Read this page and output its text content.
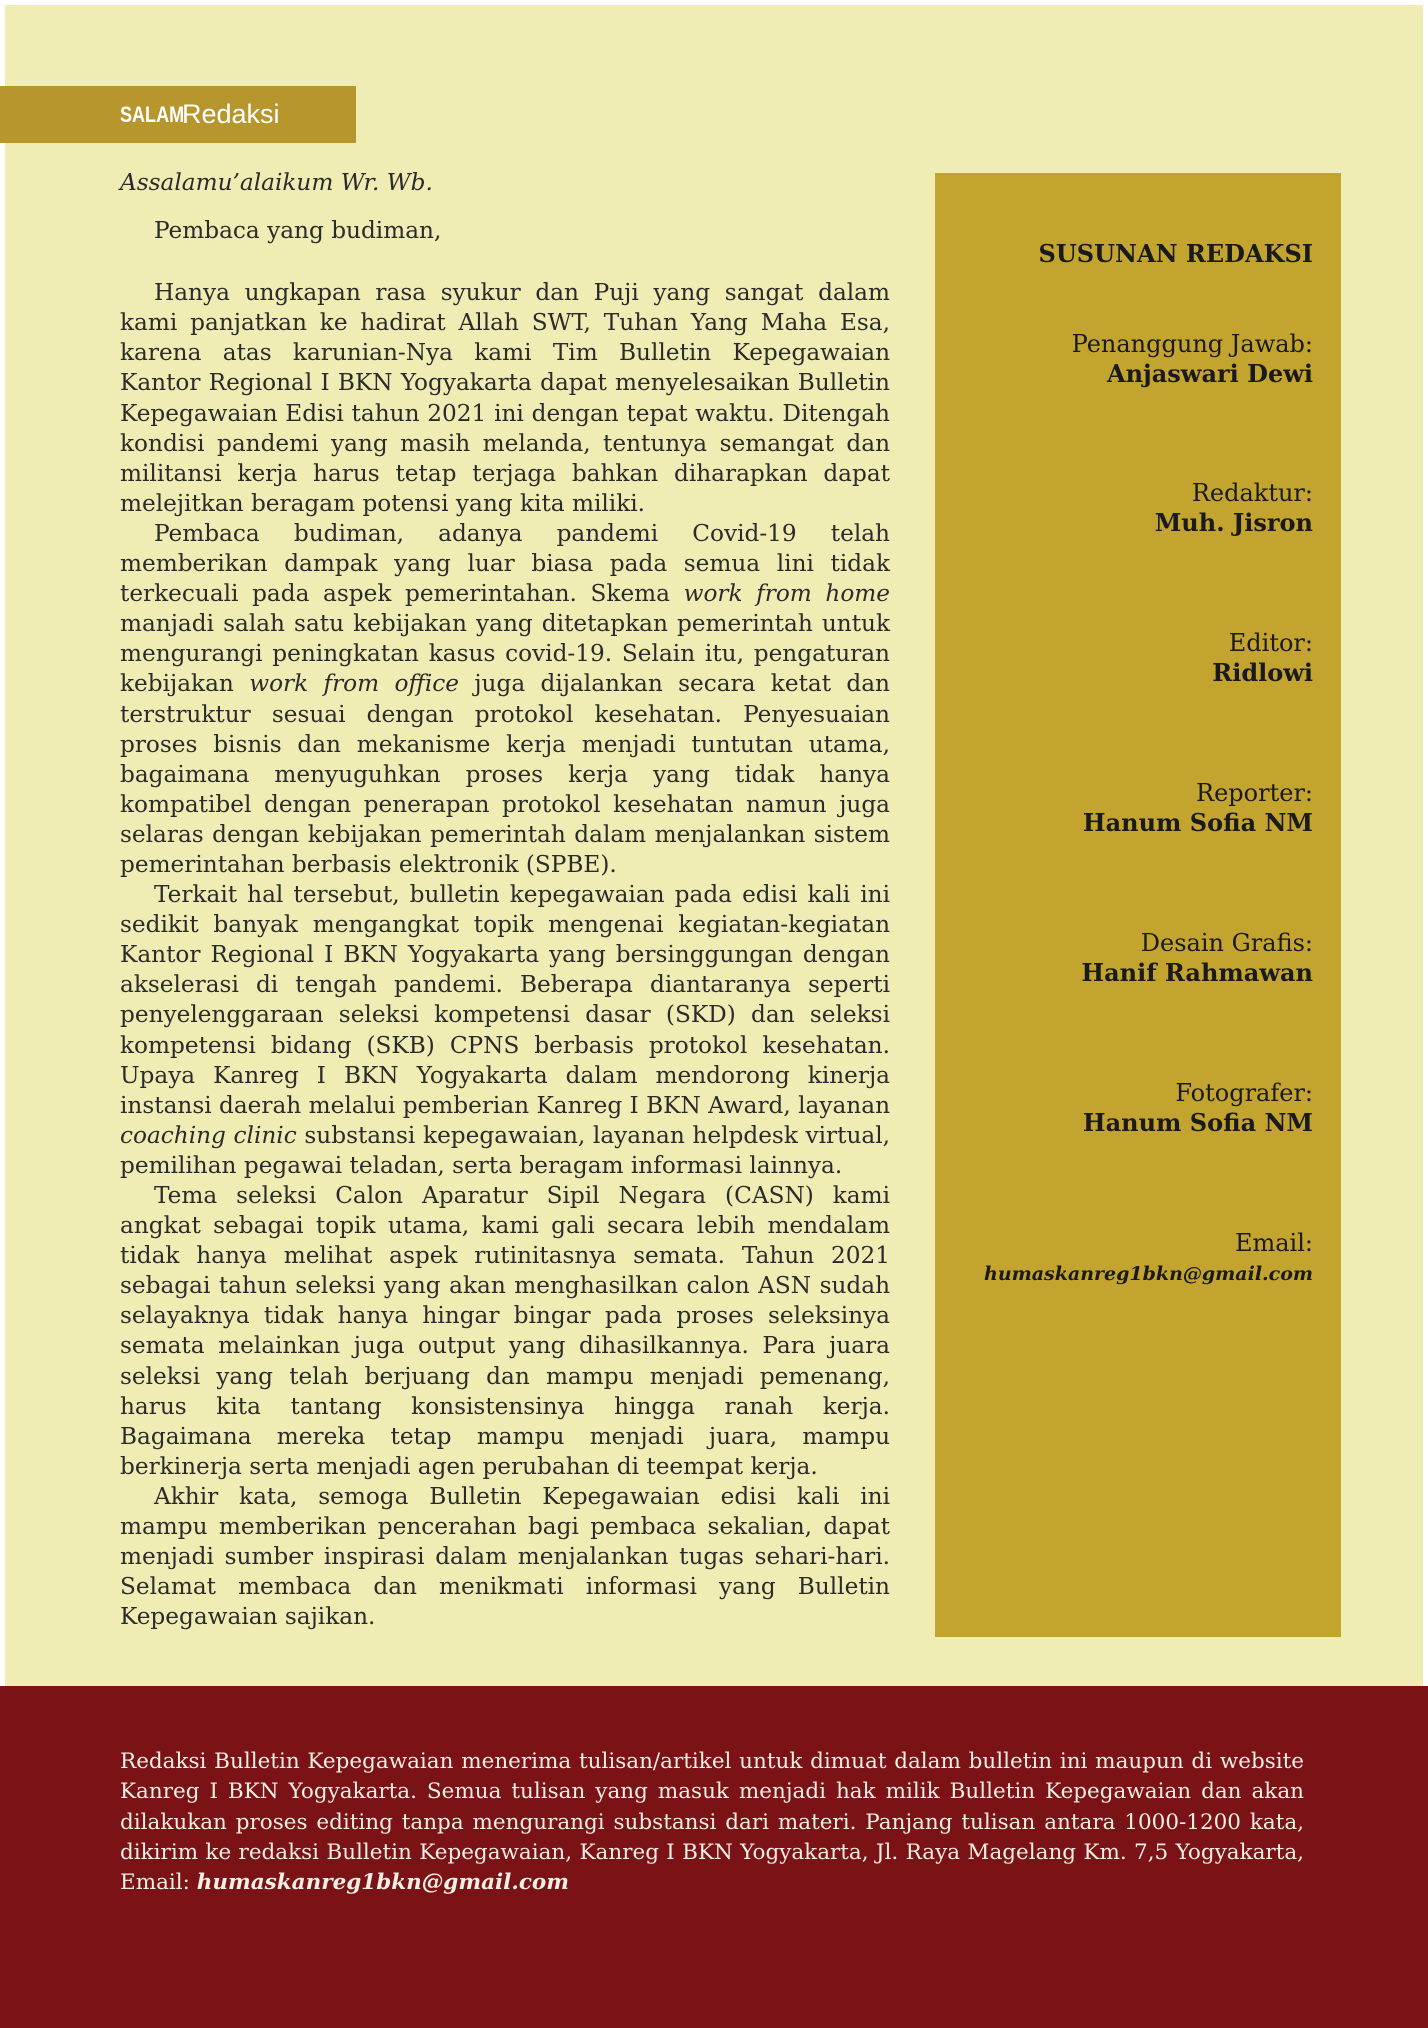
SALAM
Redaksi

Assalamu’alaikum Wr. Wb.

Pembaca yang budiman,

Hanya ungkapan rasa syukur dan Puji yang sangat dalam kami panjatkan ke hadirat Allah SWT, Tuhan Yang Maha Esa, karena atas karunian-Nya kami Tim Bulletin Kepegawaian Kantor Regional I BKN Yogyakarta dapat menyelesaikan Bulletin Kepegawaian Edisi tahun 2021 ini dengan tepat waktu. Ditengah kondisi pandemi yang masih melanda, tentunya semangat dan militansi kerja harus tetap terjaga bahkan diharapkan dapat melejitkan beragam potensi yang kita miliki.

Pembaca budiman, adanya pandemi Covid-19 telah memberikan dampak yang luar biasa pada semua lini tidak terkecuali pada aspek pemerintahan. Skema work from home manjadi salah satu kebijakan yang ditetapkan pemerintah untuk mengurangi peningkatan kasus covid-19. Selain itu, pengaturan kebijakan work from office juga dijalankan secara ketat dan terstruktur sesuai dengan protokol kesehatan. Penyesuaian proses bisnis dan mekanisme kerja menjadi tuntutan utama, bagaimana menyuguhkan proses kerja yang tidak hanya kompatibel dengan penerapan protokol kesehatan namun juga selaras dengan kebijakan pemerintah dalam menjalankan sistem pemerintahan berbasis elektronik (SPBE).

Terkait hal tersebut, bulletin kepegawaian pada edisi kali ini sedikit banyak mengangkat topik mengenai kegiatan-kegiatan Kantor Regional I BKN Yogyakarta yang bersinggungan dengan akselerasi di tengah pandemi. Beberapa diantaranya seperti penyelenggaraan seleksi kompetensi dasar (SKD) dan seleksi kompetensi bidang (SKB) CPNS berbasis protokol kesehatan. Upaya Kanreg I BKN Yogyakarta dalam mendorong kinerja instansi daerah melalui pemberian Kanreg I BKN Award, layanan coaching clinic substansi kepegawaian, layanan helpdesk virtual, pemilihan pegawai teladan, serta beragam informasi lainnya.

Tema seleksi Calon Aparatur Sipil Negara (CASN) kami angkat sebagai topik utama, kami gali secara lebih mendalam tidak hanya melihat aspek rutinitasnya semata. Tahun 2021 sebagai tahun seleksi yang akan menghasilkan calon ASN sudah selayaknya tidak hanya hingar bingar pada proses seleksinya semata melainkan juga output yang dihasilkannya. Para juara seleksi yang telah berjuang dan mampu menjadi pemenang, harus kita tantang konsistensinya hingga ranah kerja. Bagaimana mereka tetap mampu menjadi juara, mampu berkinerja serta menjadi agen perubahan di teempat kerja.

Akhir kata, semoga Bulletin Kepegawaian edisi kali ini mampu memberikan pencerahan bagi pembaca sekalian, dapat menjadi sumber inspirasi dalam menjalankan tugas sehari-hari. Selamat membaca dan menikmati informasi yang Bulletin Kepegawaian sajikan.

SUSUNAN REDAKSI
Penanggung Jawab:
Anjaswari Dewi
Redaktur:
Muh. Jisron
Editor:
Ridlowi
Reporter:
Hanum Sofia NM
Desain Grafis:
Hanif Rahmawan
Fotografer:
Hanum Sofia NM
Email:
humaskanreg1bkn@gmail.com
Redaksi Bulletin Kepegawaian menerima tulisan/artikel untuk dimuat dalam bulletin ini maupun di website Kanreg I BKN Yogyakarta. Semua tulisan yang masuk menjadi hak milik Bulletin Kepegawaian dan akan dilakukan proses editing tanpa mengurangi substansi dari materi. Panjang tulisan antara 1000-1200 kata, dikirim ke redaksi Bulletin Kepegawaian, Kanreg I BKN Yogyakarta, Jl. Raya Magelang Km. 7,5 Yogyakarta, Email: humaskanreg1bkn@gmail.com
